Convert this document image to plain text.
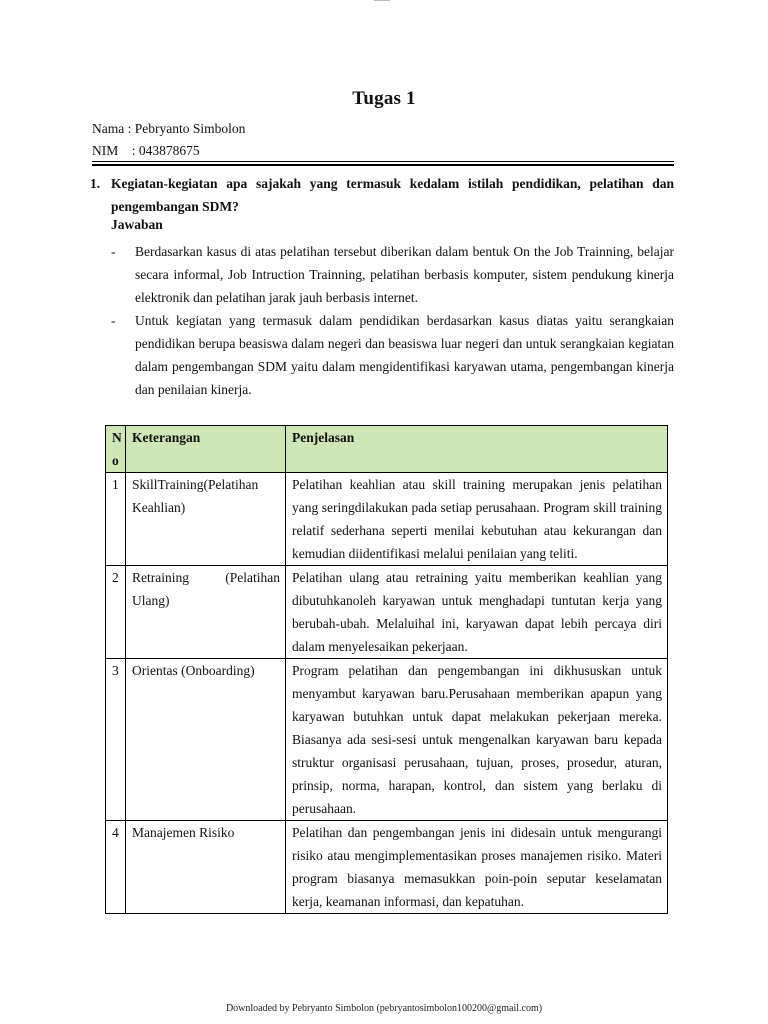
Tugas 1
Nama : Pebryanto Simbolon
NIM    : 043878675
1. Kegiatan-kegiatan apa sajakah yang termasuk kedalam istilah pendidikan, pelatihan dan pengembangan SDM?
Jawaban
- Berdasarkan kasus di atas pelatihan tersebut diberikan dalam bentuk On the Job Trainning, belajar secara informal, Job Intruction Trainning, pelatihan berbasis komputer, sistem pendukung kinerja elektronik dan pelatihan jarak jauh berbasis internet.
- Untuk kegiatan yang termasuk dalam pendidikan berdasarkan kasus diatas yaitu serangkaian pendidikan berupa beasiswa dalam negeri dan beasiswa luar negeri dan untuk serangkaian kegiatan dalam pengembangan SDM yaitu dalam mengidentifikasi karyawan utama, pengembangan kinerja dan penilaian kinerja.
No	Keterangan	Penjelasan
1	SkillTraining(Pelatihan Keahlian)	Pelatihan keahlian atau skill training merupakan jenis pelatihan yang seringdilakukan pada setiap perusahaan. Program skill training relatif sederhana seperti menilai kebutuhan atau kekurangan dan kemudian diidentifikasi melalui penilaian yang teliti.
2	Retraining (Pelatihan Ulang)	Pelatihan ulang atau retraining yaitu memberikan keahlian yang dibutuhkanoleh karyawan untuk menghadapi tuntutan kerja yang berubah-ubah. Melaluihal ini, karyawan dapat lebih percaya diri dalam menyelesaikan pekerjaan.
3	Orientas (Onboarding)	Program pelatihan dan pengembangan ini dikhususkan untuk menyambut karyawan baru.Perusahaan memberikan apapun yang karyawan butuhkan untuk dapat melakukan pekerjaan mereka. Biasanya ada sesi-sesi untuk mengenalkan karyawan baru kepada struktur organisasi perusahaan, tujuan, proses, prosedur, aturan, prinsip, norma, harapan, kontrol, dan sistem yang berlaku di perusahaan.
4	Manajemen Risiko	Pelatihan dan pengembangan jenis ini didesain untuk mengurangi risiko atau mengimplementasikan proses manajemen risiko. Materi program biasanya memasukkan poin-poin seputar keselamatan kerja, keamanan informasi, dan kepatuhan.
Downloaded by Pebryanto Simbolon (pebryantosimbolon100200@gmail.com)
